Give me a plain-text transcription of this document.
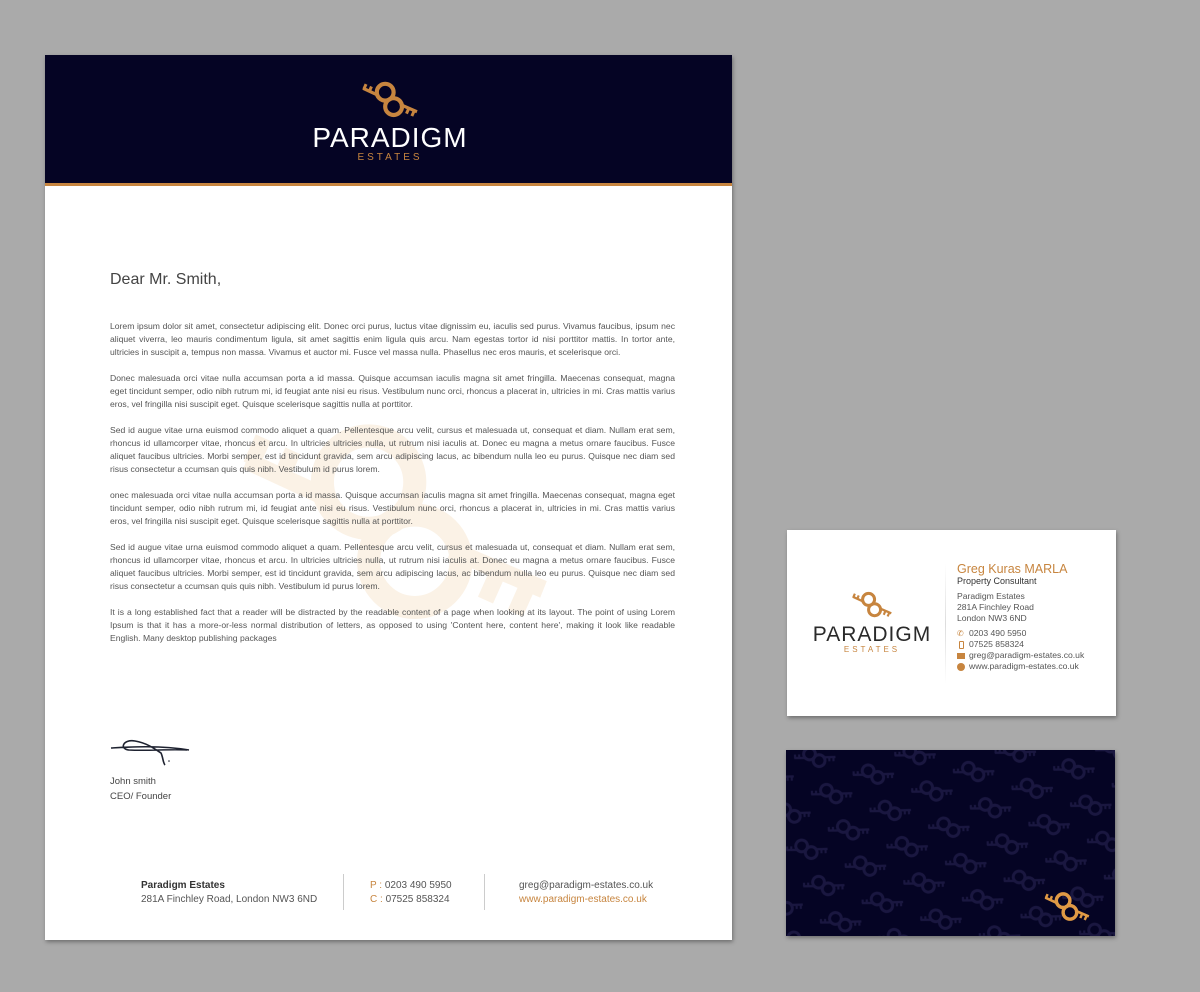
PARADIGM
ESTATES
Dear Mr. Smith,

Lorem ipsum dolor sit amet, consectetur adipiscing elit. Donec orci purus, luctus vitae dignissim eu, iaculis sed purus. Vivamus faucibus, ipsum nec aliquet viverra, leo mauris condimentum ligula, sit amet sagittis enim ligula quis arcu. Nam egestas tortor id nisi porttitor mattis. In tortor ante, ultricies in suscipit a, tempus non massa. Vivamus et auctor mi. Fusce vel massa nulla. Phasellus nec eros mauris, et scelerisque orci.

Donec malesuada orci vitae nulla accumsan porta a id massa. Quisque accumsan iaculis magna sit amet fringilla. Maecenas consequat, magna eget tincidunt semper, odio nibh rutrum mi, id feugiat ante nisi eu risus. Vestibulum nunc orci, rhoncus a placerat in, ultricies in mi. Cras mattis varius eros, vel fringilla nisi suscipit eget. Quisque scelerisque sagittis nulla at porttitor.

Sed id augue vitae urna euismod commodo aliquet a quam. Pellentesque arcu velit, cursus et malesuada ut, consequat et diam. Nullam erat sem, rhoncus id ullamcorper vitae, rhoncus et arcu. In ultricies ultricies nulla, ut rutrum nisi iaculis at. Donec eu magna a metus ornare faucibus. Fusce aliquet faucibus ultricies. Morbi semper, est id tincidunt gravida, sem arcu adipiscing lacus, ac bibendum nulla leo eu purus. Quisque nec diam sed risus consectetur a ccumsan quis quis nibh. Vestibulum id purus lorem.

onec malesuada orci vitae nulla accumsan porta a id massa. Quisque accumsan iaculis magna sit amet fringilla. Maecenas consequat, magna eget tincidunt semper, odio nibh rutrum mi, id feugiat ante nisi eu risus. Vestibulum nunc orci, rhoncus a placerat in, ultricies in mi. Cras mattis varius eros, vel fringilla nisi suscipit eget. Quisque scelerisque sagittis nulla at porttitor.

Sed id augue vitae urna euismod commodo aliquet a quam. Pellentesque arcu velit, cursus et malesuada ut, consequat et diam. Nullam erat sem, rhoncus id ullamcorper vitae, rhoncus et arcu. In ultricies ultricies nulla, ut rutrum nisi iaculis at. Donec eu magna a metus ornare faucibus. Fusce aliquet faucibus ultricies. Morbi semper, est id tincidunt gravida, sem arcu adipiscing lacus, ac bibendum nulla leo eu purus. Quisque nec diam sed risus consectetur a ccumsan quis quis nibh. Vestibulum id purus lorem.

It is a long established fact that a reader will be distracted by the readable content of a page when looking at its layout. The point of using Lorem Ipsum is that it has a more-or-less normal distribution of letters, as opposed to using 'Content here, content here', making it look like readable English. Many desktop publishing packages

John smith
CEO/ Founder
Paradigm Estates
281A Finchley Road, London NW3 6ND
P : 0203 490 5950
C : 07525 858324
greg@paradigm-estates.co.uk
www.paradigm-estates.co.uk
PARADIGM
ESTATES
Greg Kuras MARLA
Property Consultant
Paradigm Estates
281A Finchley Road
London NW3 6ND
✆ 0203 490 5950
07525 858324
greg@paradigm-estates.co.uk
www.paradigm-estates.co.uk
